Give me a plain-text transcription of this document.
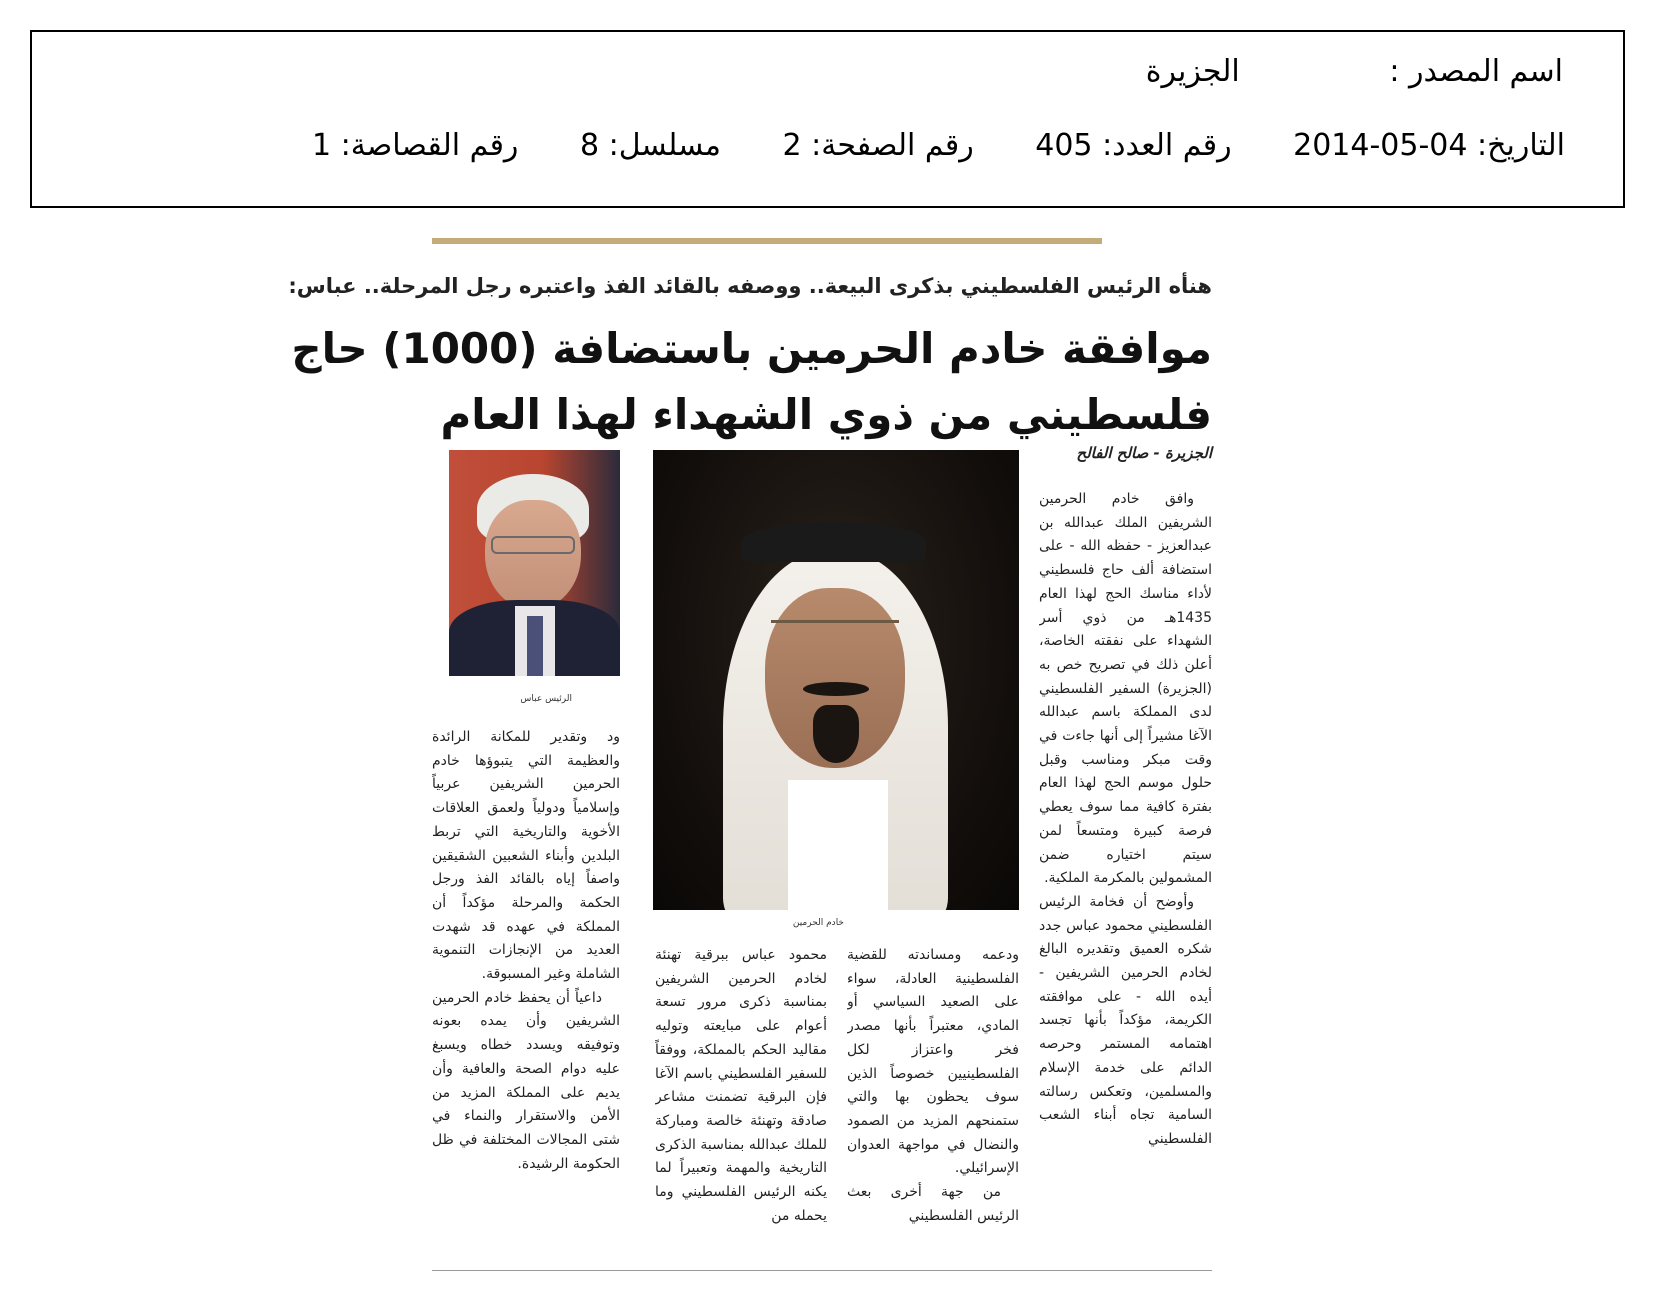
اسم المصدر : الجزيرة
التاريخ: 2014-05-04 رقم العدد: 405 رقم الصفحة: 2 مسلسل: 8 رقم القصاصة: 1
هنأه الرئيس الفلسطيني بذكرى البيعة.. ووصفه بالقائد الفذ واعتبره رجل المرحلة.. عباس:
موافقة خادم الحرمين باستضافة (1000) حاج
فلسطيني من ذوي الشهداء لهذا العام
الجزيرة - صالح الفالح

وافق خادم الحرمين الشريفين الملك عبدالله بن عبدالعزيز - حفظه الله - على استضافة ألف حاج فلسطيني لأداء مناسك الحج لهذا العام 1435هـ من ذوي أسر الشهداء على نفقته الخاصة، أعلن ذلك في تصريح خص به (الجزيرة) السفير الفلسطيني لدى المملكة باسم عبدالله الآغا مشيراً إلى أنها جاءت في وقت مبكر ومناسب وقبل حلول موسم الحج لهذا العام بفترة كافية مما سوف يعطي فرصة كبيرة ومتسعاً لمن سيتم اختياره ضمن المشمولين بالمكرمة الملكية.

وأوضح أن فخامة الرئيس الفلسطيني محمود عباس جدد شكره العميق وتقديره البالغ لخادم الحرمين الشريفين - أيده الله - على موافقته الكريمة، مؤكداً بأنها تجسد اهتمامه المستمر وحرصه الدائم على خدمة الإسلام والمسلمين، وتعكس رسالته السامية تجاه أبناء الشعب الفلسطيني

خادم الحرمين

ودعمه ومساندته للقضية الفلسطينية العادلة، سواء على الصعيد السياسي أو المادي، معتبراً بأنها مصدر فخر واعتزاز لكل الفلسطينيين خصوصاً الذين سوف يحظون بها والتي ستمنحهم المزيد من الصمود والنضال في مواجهة العدوان الإسرائيلي.

من جهة أخرى بعث الرئيس الفلسطيني

محمود عباس ببرقية تهنئة لخادم الحرمين الشريفين بمناسبة ذكرى مرور تسعة أعوام على مبايعته وتوليه مقاليد الحكم بالمملكة، ووفقاً للسفير الفلسطيني باسم الآغا فإن البرقية تضمنت مشاعر صادقة وتهنئة خالصة ومباركة للملك عبدالله بمناسبة الذكرى التاريخية والمهمة وتعبيراً لما يكنه الرئيس الفلسطيني وما يحمله من

الرئيس عباس

ود وتقدير للمكانة الرائدة والعظيمة التي يتبوؤها خادم الحرمين الشريفين عربياً وإسلامياً ودولياً ولعمق العلاقات الأخوية والتاريخية التي تربط البلدين وأبناء الشعبين الشقيقين واصفاً إياه بالقائد الفذ ورجل الحكمة والمرحلة مؤكداً أن المملكة في عهده قد شهدت العديد من الإنجازات التنموية الشاملة وغير المسبوقة.

داعياً أن يحفظ خادم الحرمين الشريفين وأن يمده بعونه وتوفيقه ويسدد خطاه ويسبغ عليه دوام الصحة والعافية وأن يديم على المملكة المزيد من الأمن والاستقرار والنماء في شتى المجالات المختلفة في ظل الحكومة الرشيدة.
